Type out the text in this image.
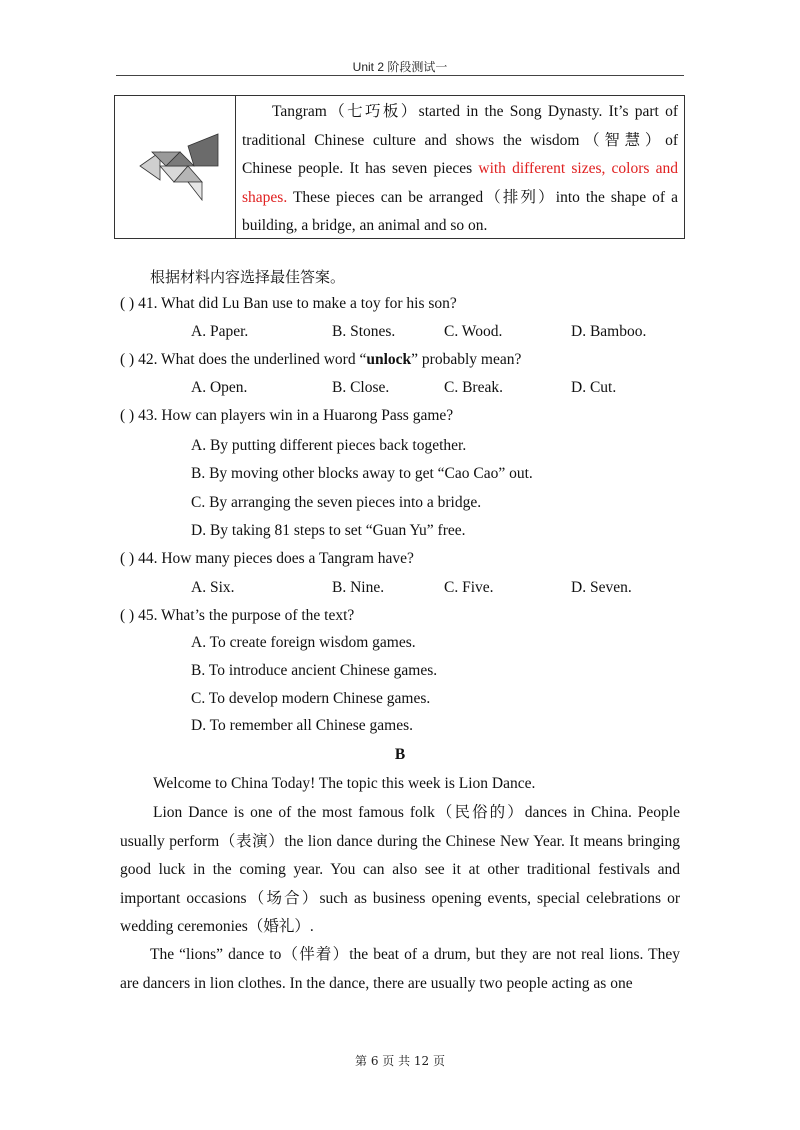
Unit 2 阶段测试一
Tangram（七巧板）started in the Song Dynasty. It’s part of traditional Chinese culture and shows the wisdom（智慧）of Chinese people. It has seven pieces with different sizes, colors and shapes. These pieces can be arranged（排列）into the shape of a building, a bridge, an animal and so on.
根据材料内容选择最佳答案。
( ) 41. What did Lu Ban use to make a toy for his son?
A. Paper.	B. Stones.	C. Wood.	D. Bamboo.
( ) 42. What does the underlined word “unlock” probably mean?
A. Open.	B. Close.	C. Break.	D. Cut.
( ) 43. How can players win in a Huarong Pass game?
A. By putting different pieces back together.
B. By moving other blocks away to get “Cao Cao” out.
C. By arranging the seven pieces into a bridge.
D. By taking 81 steps to set “Guan Yu” free.
( ) 44. How many pieces does a Tangram have?
A. Six.	B. Nine.	C. Five.	D. Seven.
( ) 45. What’s the purpose of the text?
A. To create foreign wisdom games.
B. To introduce ancient Chinese games.
C. To develop modern Chinese games.
D. To remember all Chinese games.
B
Welcome to China Today! The topic this week is Lion Dance.
Lion Dance is one of the most famous folk（民俗的）dances in China. People usually perform（表演）the lion dance during the Chinese New Year. It means bringing good luck in the coming year. You can also see it at other traditional festivals and important occasions（场合）such as business opening events, special celebrations or wedding ceremonies（婚礼）.
The “lions” dance to（伴着）the beat of a drum, but they are not real lions. They are dancers in lion clothes. In the dance, there are usually two people acting as one
第 6 页 共 12 页
